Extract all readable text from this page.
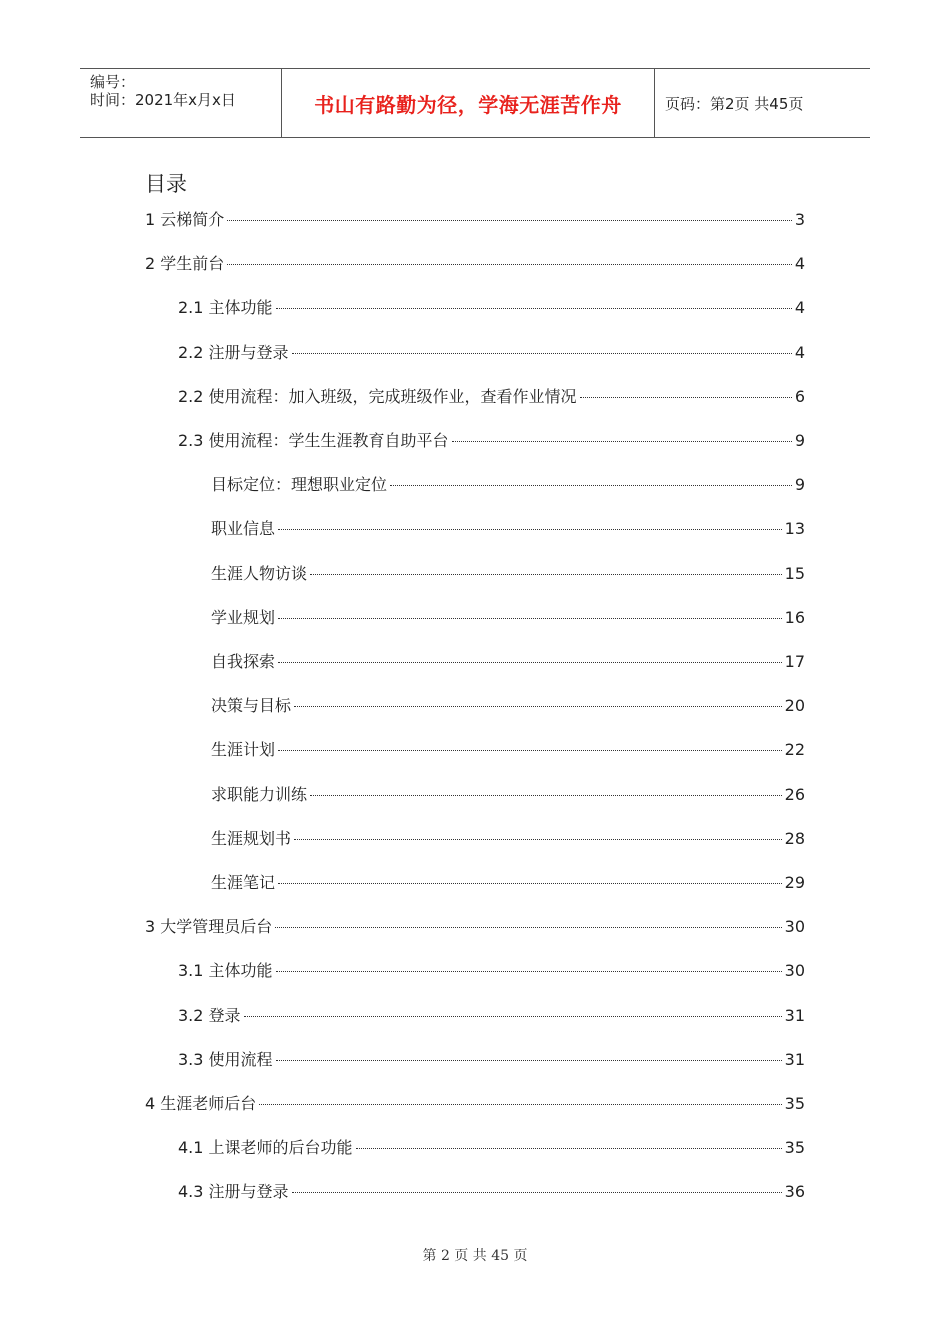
编号：
时间：2021年x月x日	书山有路勤为径，学海无涯苦作舟	页码：第2页 共45页
目录
1 云梯简介	3
2 学生前台	4
2.1 主体功能	4
2.2 注册与登录	4
2.2 使用流程：加入班级，完成班级作业，查看作业情况	6
2.3 使用流程：学生生涯教育自助平台	9
目标定位：理想职业定位	9
职业信息	13
生涯人物访谈	15
学业规划	16
自我探索	17
决策与目标	20
生涯计划	22
求职能力训练	26
生涯规划书	28
生涯笔记	29
3 大学管理员后台	30
3.1 主体功能	30
3.2 登录	31
3.3 使用流程	31
4 生涯老师后台	35
4.1 上课老师的后台功能	35
4.3 注册与登录	36
第 2 页 共 45 页
